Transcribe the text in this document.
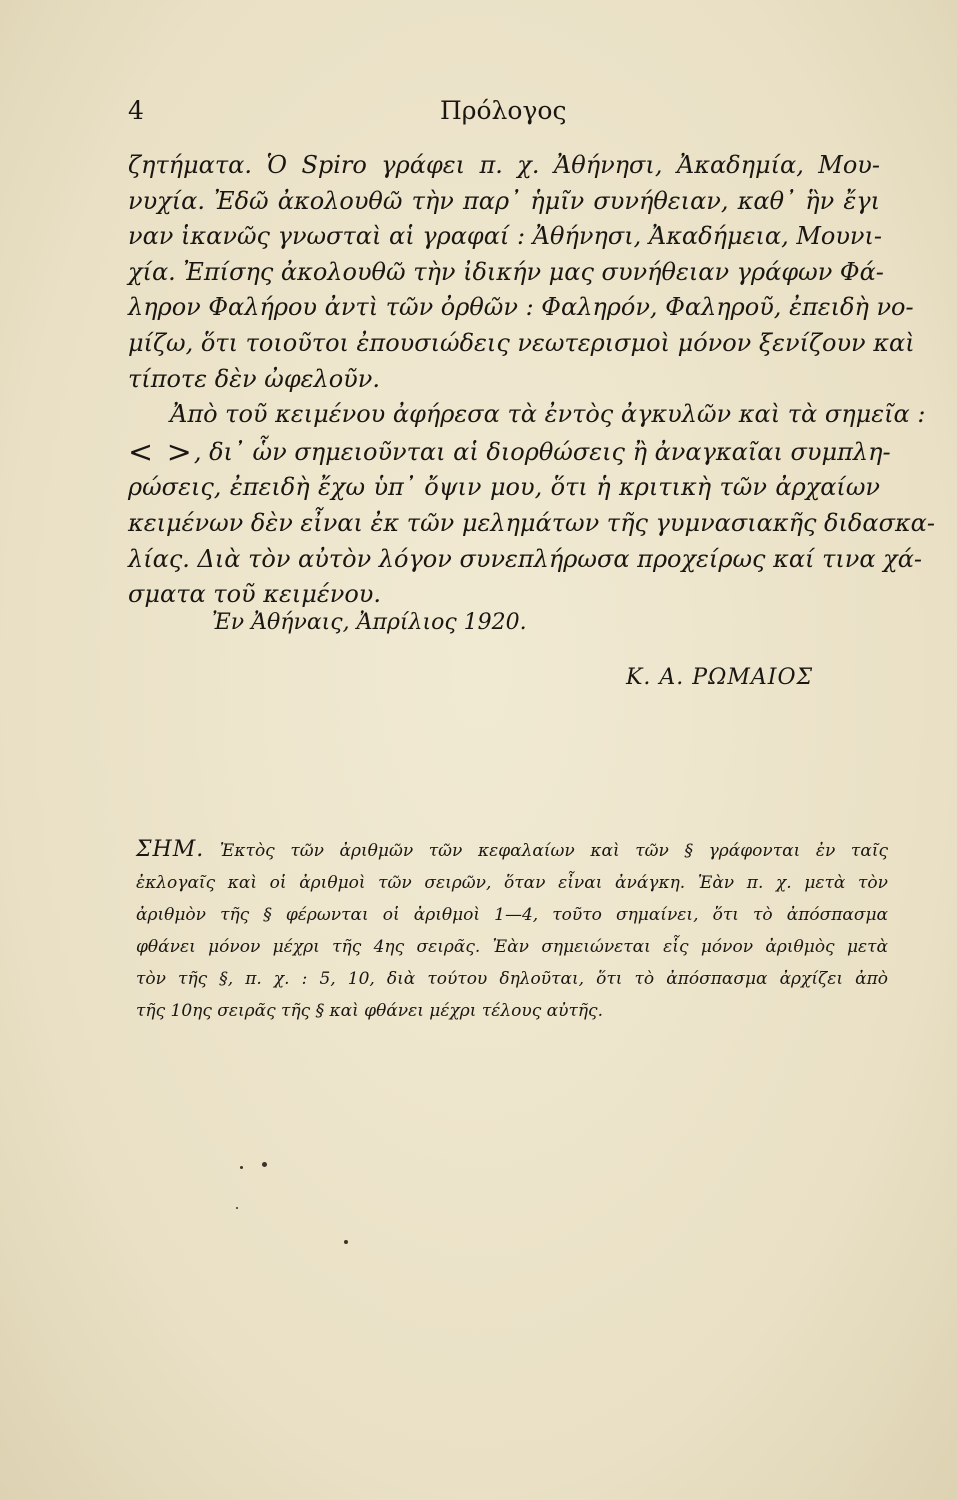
4	Πρόλογος
ζητήματα. Ὁ Spiro γράφει π. χ. Ἀθήνησι, Ἀκαδημία, Μου-
νυχία. Ἐδῶ ἀκολουθῶ τὴν παρ᾽ ἡμῖν συνήθειαν, καθ᾽ ἣν ἔγι
ναν ἱκανῶς γνωσταὶ αἱ γραφαί : Ἀθήνησι, Ἀκαδήμεια, Μουνι-
χία. Ἐπίσης ἀκολουθῶ τὴν ἰδικήν μας συνήθειαν γράφων Φά-
ληρον Φαλήρου ἀντὶ τῶν ὀρθῶν : Φαληρόν, Φαληροῦ, ἐπειδὴ νο-
μίζω, ὅτι τοιοῦτοι ἐπουσιώδεις νεωτερισμοὶ μόνον ξενίζουν καὶ
τίποτε δὲν ὠφελοῦν.
Ἀπὸ τοῦ κειμένου ἀφήρεσα τὰ ἐντὸς ἀγκυλῶν καὶ τὰ σημεῖα :
< >, δι᾽ ὧν σημειοῦνται αἱ διορθώσεις ἢ ἀναγκαῖαι συμπλη-
ρώσεις, ἐπειδὴ ἔχω ὑπ᾽ ὄψιν μου, ὅτι ἡ κριτικὴ τῶν ἀρχαίων
κειμένων δὲν εἶναι ἐκ τῶν μελημάτων τῆς γυμνασιακῆς διδασκα-
λίας. Διὰ τὸν αὐτὸν λόγον συνεπλήρωσα προχείρως καί τινα χά-
σματα τοῦ κειμένου.
Ἐν Ἀθήναις, Ἀπρίλιος 1920.
Κ. Α. ΡΩΜΑΙΟΣ
ΣΗΜ. Ἐκτὸς τῶν ἀριθμῶν τῶν κεφαλαίων καὶ τῶν § γράφονται ἐν ταῖς
ἐκλογαῖς καὶ οἱ ἀριθμοὶ τῶν σειρῶν, ὅταν εἶναι ἀνάγκη. Ἐὰν π. χ. μετὰ τὸν
ἀριθμὸν τῆς § φέρωνται οἱ ἀριθμοὶ 1—4, τοῦτο σημαίνει, ὅτι τὸ ἀπόσπασμα
φθάνει μόνον μέχρι τῆς 4ης σειρᾶς. Ἐὰν σημειώνεται εἷς μόνον ἀριθμὸς μετὰ
τὸν τῆς §, π. χ. : 5, 10, διὰ τούτου δηλοῦται, ὅτι τὸ ἀπόσπασμα ἀρχίζει ἀπὸ
τῆς 10ης σειρᾶς τῆς § καὶ φθάνει μέχρι τέλους αὐτῆς.
